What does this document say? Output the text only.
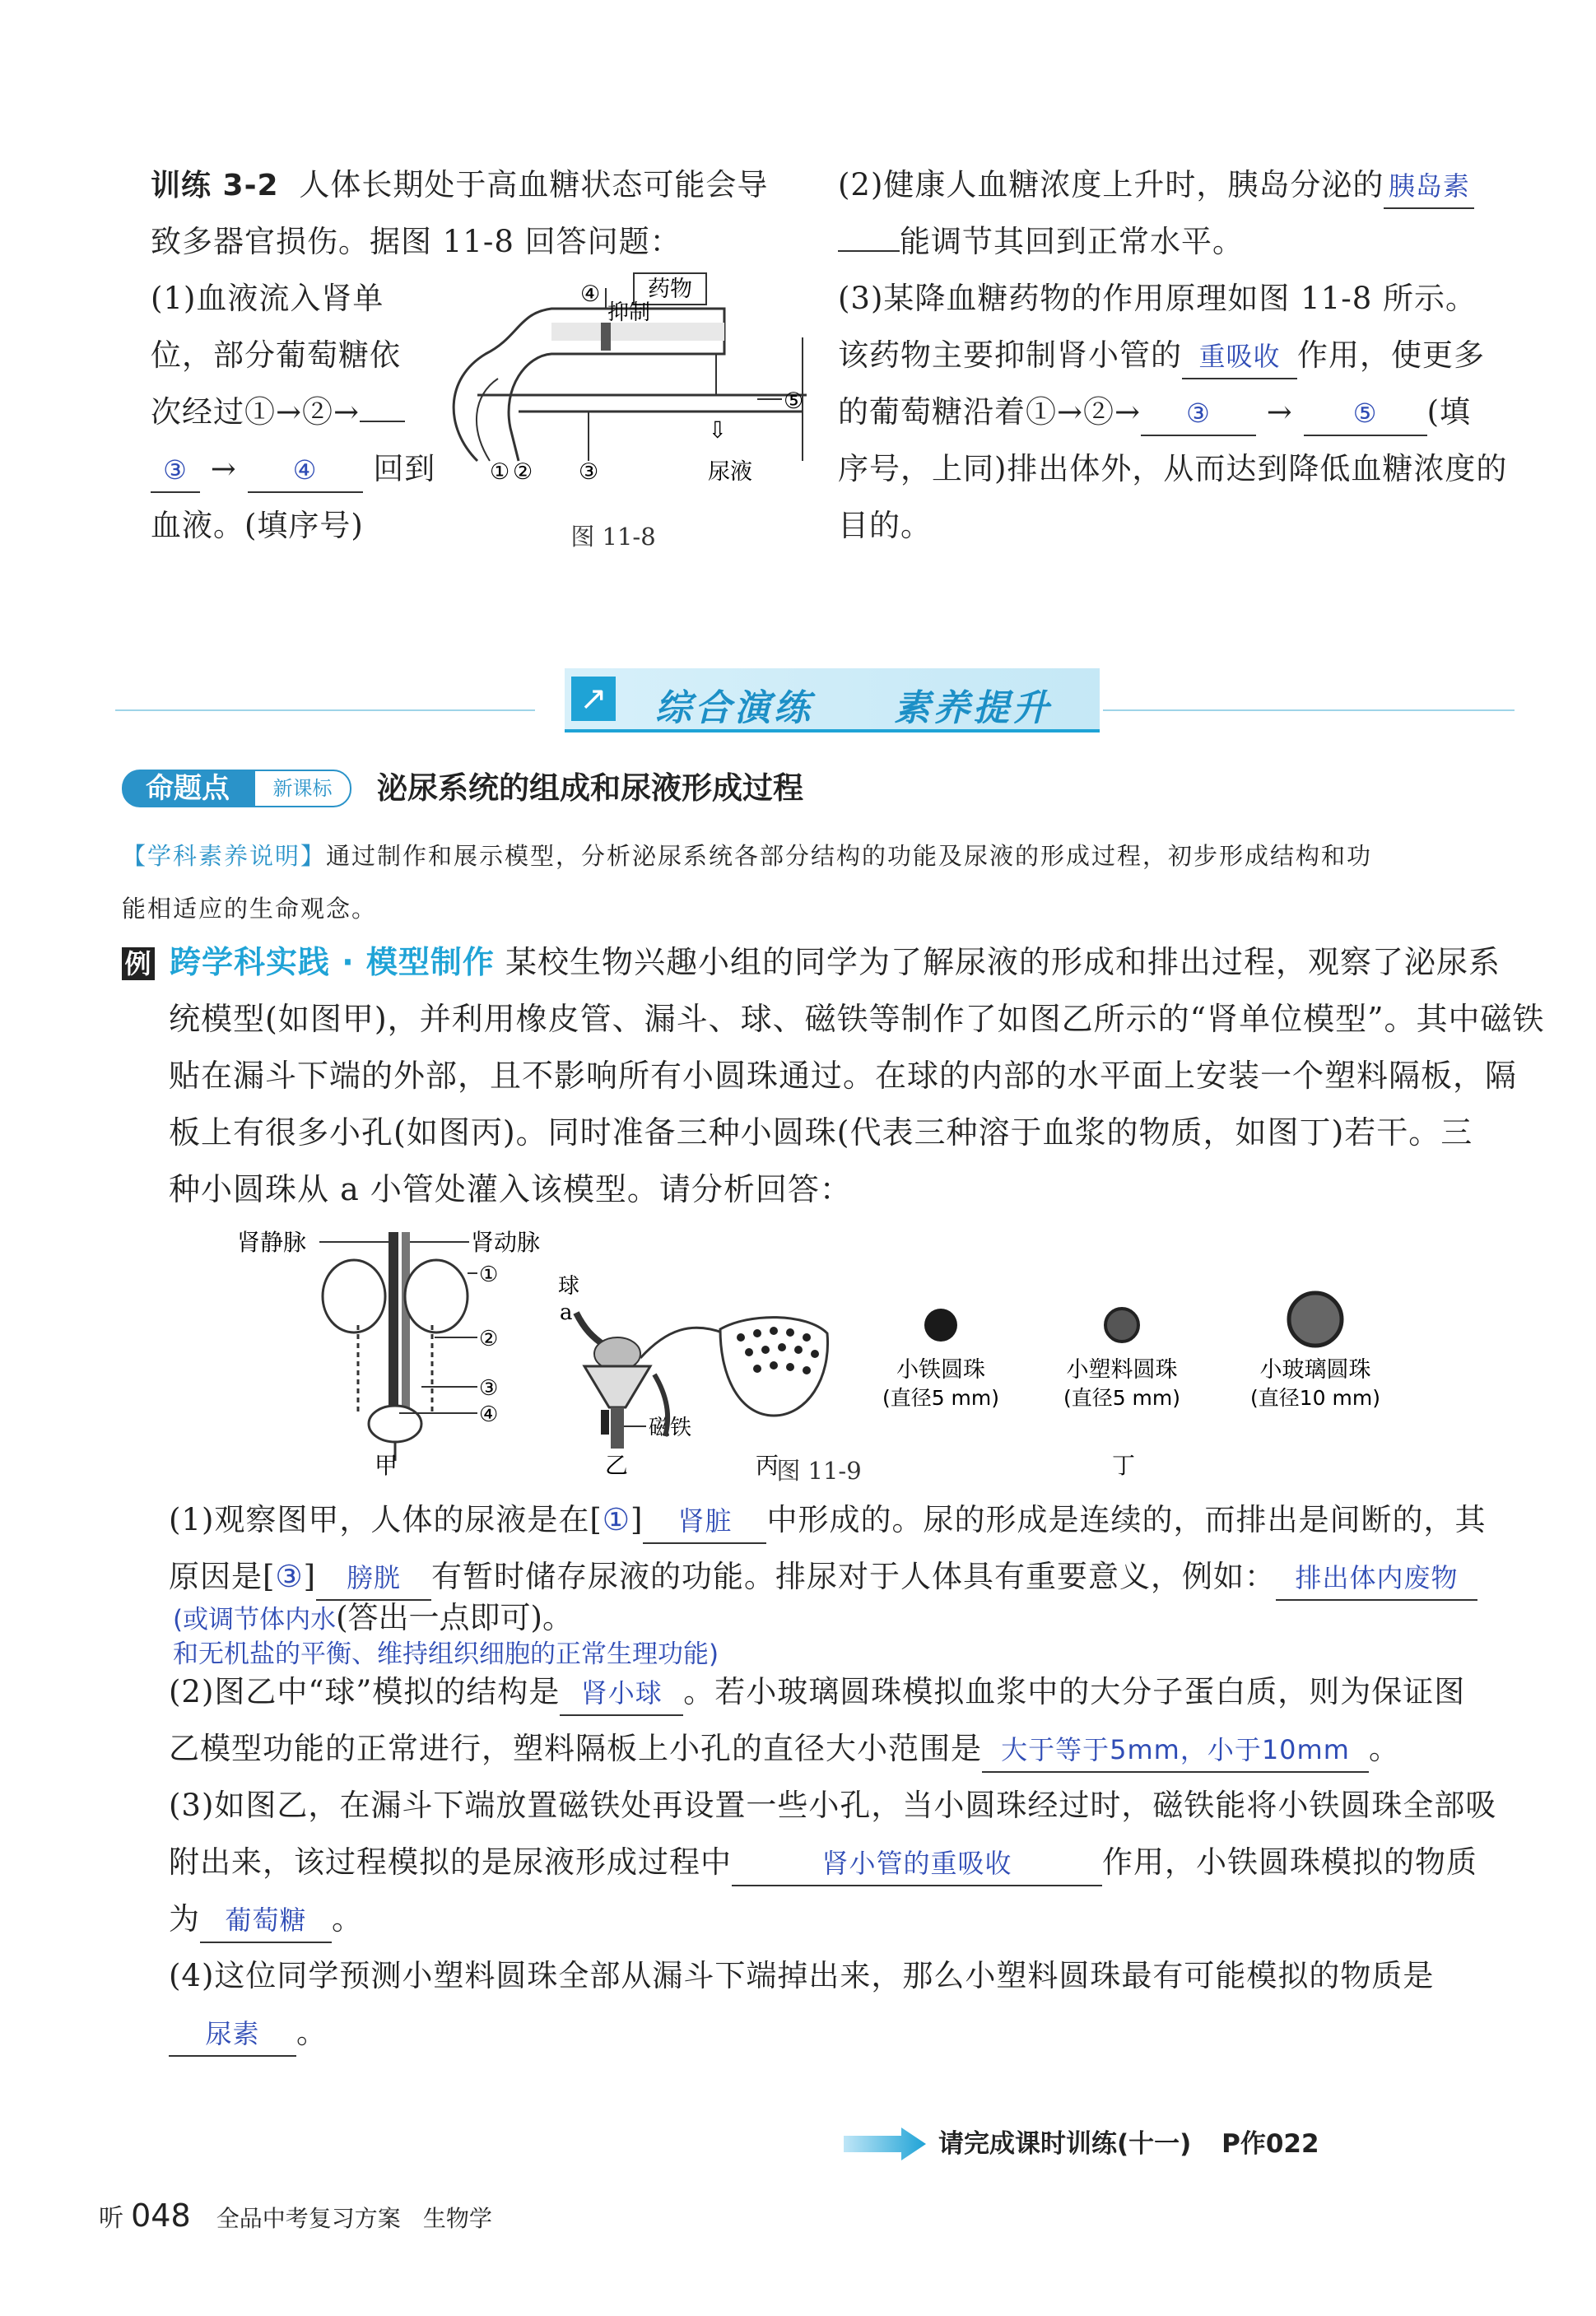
训练 3-2 人体长期处于高血糖状态可能会导
致多器官损伤。据图 11-8 回答问题：
(1)血液流入肾单
位，部分葡萄糖依
次经过①→②→
③ → ④ 回到
血液。(填序号)
药物
抑制
④
⑤
① ② ③
⇩
尿液
图 11-8
(2)健康人血糖浓度上升时，胰岛分泌的 胰岛素
能调节其回到正常水平。
(3)某降血糖药物的作用原理如图 11-8 所示。
该药物主要抑制肾小管的 重吸收 作用，使更多
的葡萄糖沿着①→②→ ③ → ⑤ (填
序号，上同)排出体外，从而达到降低血糖浓度的
目的。
↗ 综合演练 素养提升
命题点	新课标	泌尿系统的组成和尿液形成过程
【学科素养说明】通过制作和展示模型，分析泌尿系统各部分结构的功能及尿液的形成过程，初步形成结构和功
能相适应的生命观念。
例 跨学科实践 · 模型制作 某校生物兴趣小组的同学为了解尿液的形成和排出过程，观察了泌尿系
统模型(如图甲)，并利用橡皮管、漏斗、球、磁铁等制作了如图乙所示的“肾单位模型”。其中磁铁
贴在漏斗下端的外部，且不影响所有小圆珠通过。在球的内部的水平面上安装一个塑料隔板，隔
板上有很多小孔(如图丙)。同时准备三种小圆珠(代表三种溶于血浆的物质，如图丁)若干。三
种小圆珠从 a 小管处灌入该模型。请分析回答：
肾静脉	肾动脉
①
②
③
④
甲
球
a
磁铁
乙	丙
小铁圆珠
(直径5 mm)
小塑料圆珠
(直径5 mm)
小玻璃圆珠
(直径10 mm)
丁
图 11-9
(1)观察图甲，人体的尿液是在[①] 肾脏 中形成的。尿的形成是连续的，而排出是间断的，其
原因是[③] 膀胱 有暂时储存尿液的功能。排尿对于人体具有重要意义，例如： 排出体内废物
(或调节体内水(答出一点即可)。
和无机盐的平衡、维持组织细胞的正常生理功能)
(2)图乙中“球”模拟的结构是 肾小球 。若小玻璃圆珠模拟血浆中的大分子蛋白质，则为保证图
乙模型功能的正常进行，塑料隔板上小孔的直径大小范围是 大于等于5mm，小于10mm 。
(3)如图乙，在漏斗下端放置磁铁处再设置一些小孔，当小圆珠经过时，磁铁能将小铁圆珠全部吸
附出来，该过程模拟的是尿液形成过程中	肾小管的重吸收	作用，小铁圆珠模拟的物质
为 葡萄糖 。
(4)这位同学预测小塑料圆珠全部从漏斗下端掉出来，那么小塑料圆珠最有可能模拟的物质是
尿素 。
请完成课时训练(十一) P作022
听 048 全品中考复习方案 生物学
